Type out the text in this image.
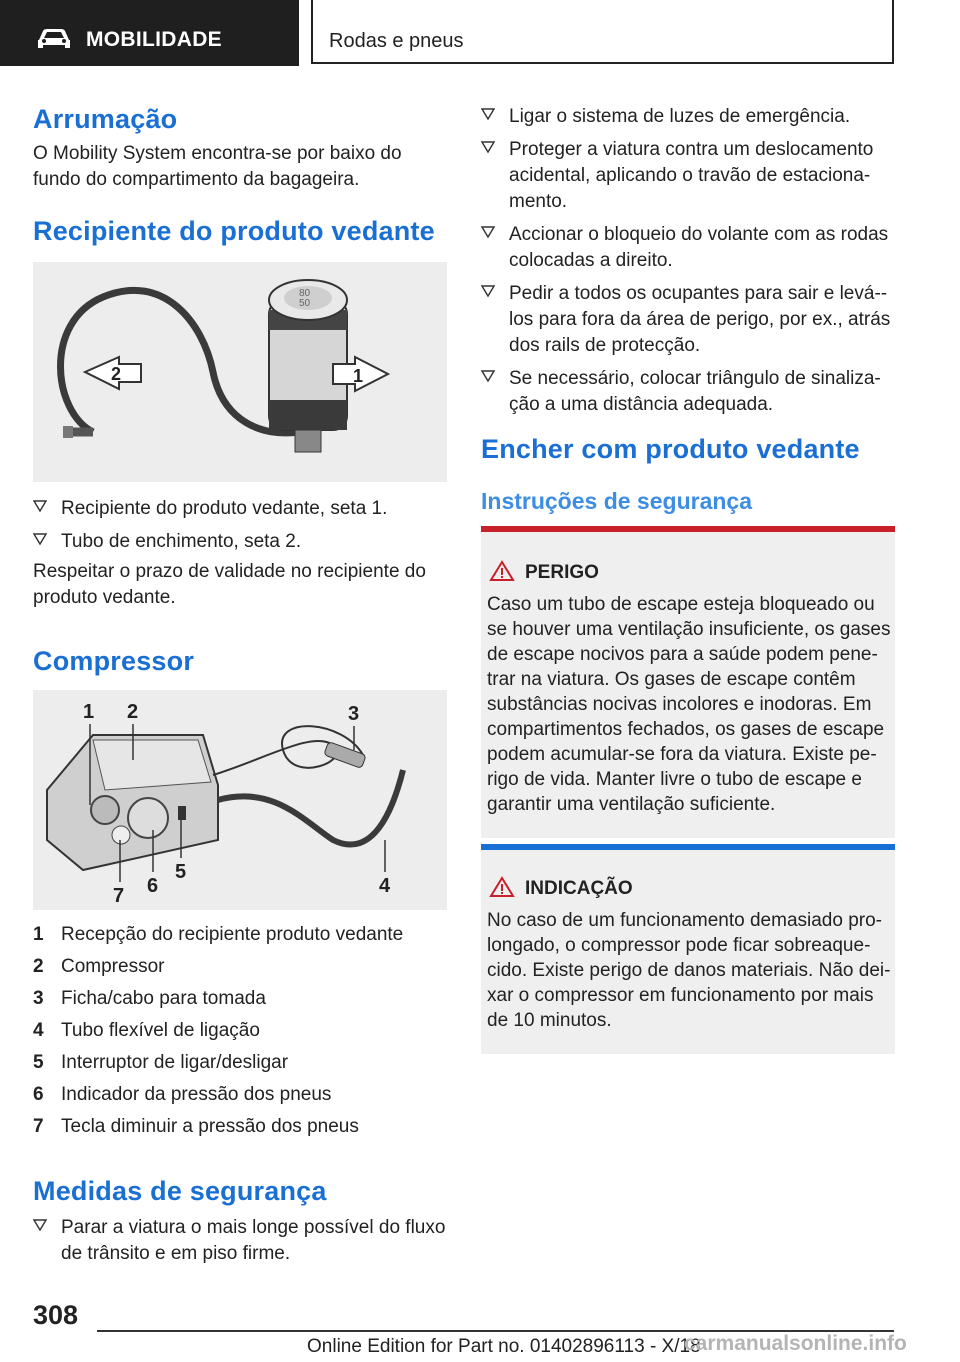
MOBILIDADE	Rodas e pneus
Arrumação

O Mobility System encontra-se por baixo do fundo do compartimento da bagageira.

Recipiente do produto vedante
80
50
2	1
Recipiente do produto vedante, seta 1.
Tubo de enchimento, seta 2.

Respeitar o prazo de validade no recipiente do produto vedante.

Compressor
1 2	3
4
5
6
7
1 Recepção do recipiente produto vedante
2 Compressor
3 Ficha/cabo para tomada
4 Tubo flexível de ligação
5 Interruptor de ligar/desligar
6 Indicador da pressão dos pneus
7 Tecla diminuir a pressão dos pneus
Medidas de segurança
Parar a viatura o mais longe possível do fluxo de trânsito e em piso firme.
Ligar o sistema de luzes de emergência.
Proteger a viatura contra um deslocamento acidental, aplicando o travão de estaciona-mento.
Accionar o bloqueio do volante com as rodas colocadas a direito.
Pedir a todos os ocupantes para sair e levá--los para fora da área de perigo, por ex., atrás dos rails de protecção.
Se necessário, colocar triângulo de sinaliza-ção a uma distância adequada.
Encher com produto vedante
Instruções de segurança
PERIGO

Caso um tubo de escape esteja bloqueado ou se houver uma ventilação insuficiente, os gases de escape nocivos para a saúde podem pene-trar na viatura. Os gases de escape contêm substâncias nocivas incolores e inodoras. Em compartimentos fechados, os gases de escape podem acumular-se fora da viatura. Existe pe-rigo de vida. Manter livre o tubo de escape e garantir uma ventilação suficiente.

INDICAÇÃO

No caso de um funcionamento demasiado pro-longado, o compressor pode ficar sobreaque-cido. Existe perigo de danos materiais. Não dei-xar o compressor em funcionamento por mais de 10 minutos.

308
Online Edition for Part no. 01402896113 - X/18
carmanualsonline.info
